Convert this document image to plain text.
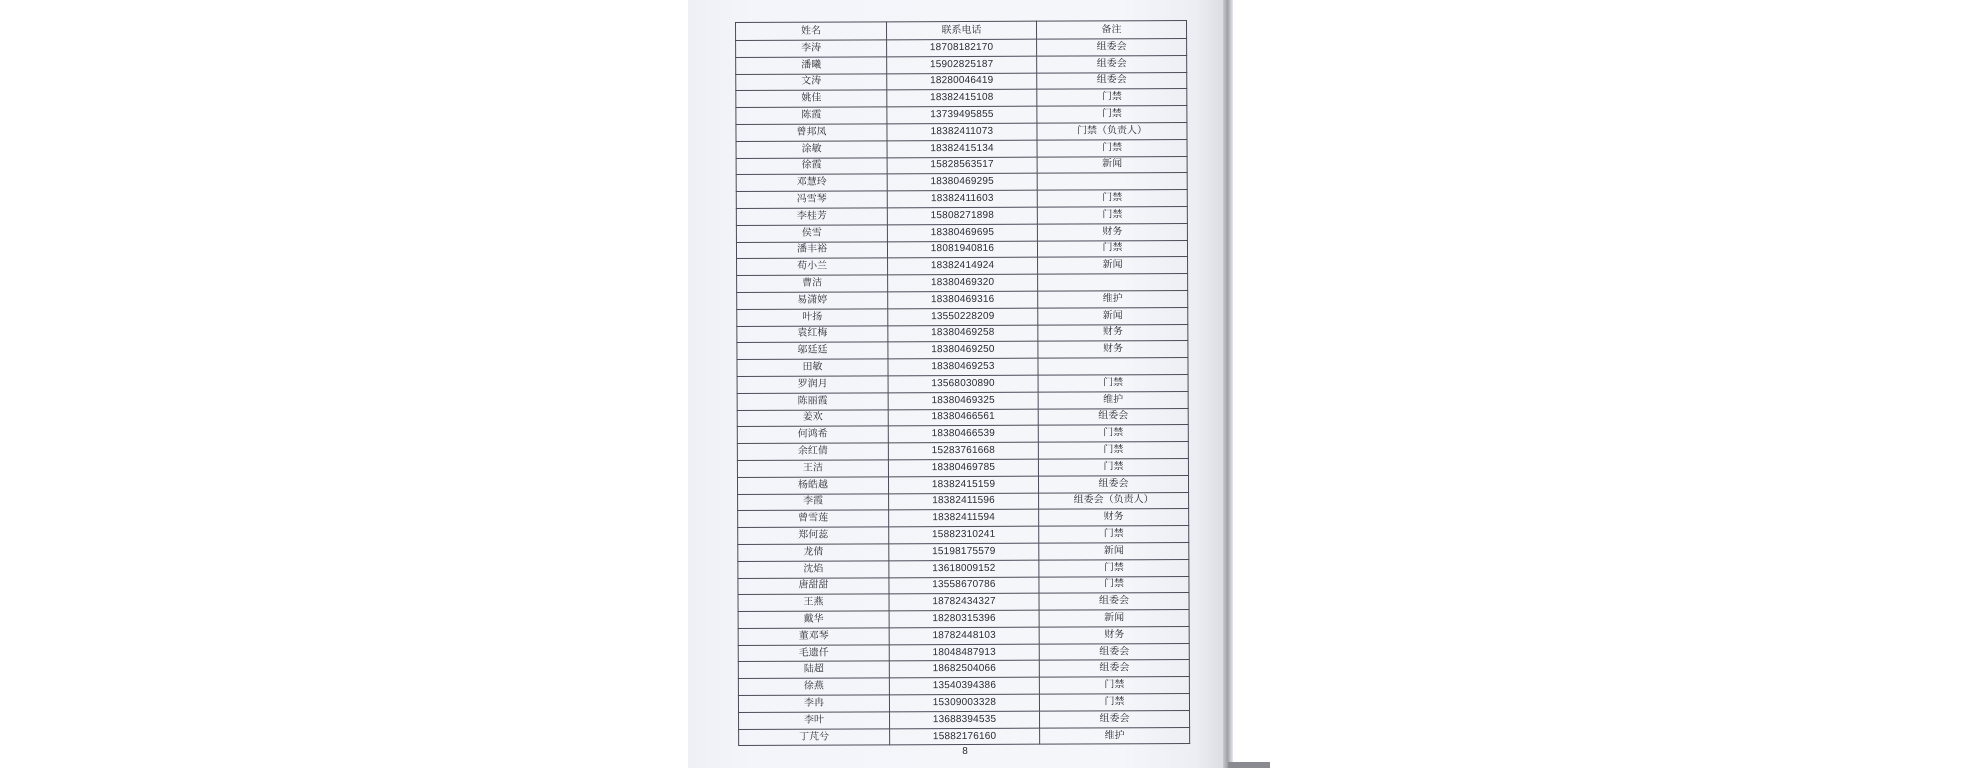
姓名	联系电话	备注
李涛	18708182170	组委会
潘曦	15902825187	组委会
文涛	18280046419	组委会
姚佳	18382415108	门禁
陈霞	13739495855	门禁
曾邦凤	18382411073	门禁（负责人）
涂敏	18382415134	门禁
徐霞	15828563517	新闻
邓慧玲	18380469295	
冯雪琴	18382411603	门禁
李桂芳	15808271898	门禁
侯雪	18380469695	财务
潘丰裕	18081940816	门禁
苟小兰	18382414924	新闻
曹洁	18380469320	
易潇婷	18380469316	维护
叶扬	13550228209	新闻
袁红梅	18380469258	财务
邬廷廷	18380469250	财务
田敏	18380469253	
罗润月	13568030890	门禁
陈丽霞	18380469325	维护
姜欢	18380466561	组委会
何鸿希	18380466539	门禁
余红倩	15283761668	门禁
王洁	18380469785	门禁
杨皓越	18382415159	组委会
李霞	18382411596	组委会（负责人）
曾雪莲	18382411594	财务
郑何蕊	15882310241	门禁
龙倩	15198175579	新闻
沈焰	13618009152	门禁
唐甜甜	13558670786	门禁
王燕	18782434327	组委会
戴华	18280315396	新闻
董邓琴	18782448103	财务
毛遗仟	18048487913	组委会
陆超	18682504066	组委会
徐燕	13540394386	门禁
李冉	15309003328	门禁
李叶	13688394535	组委会
丁芃兮	15882176160	维护
8
